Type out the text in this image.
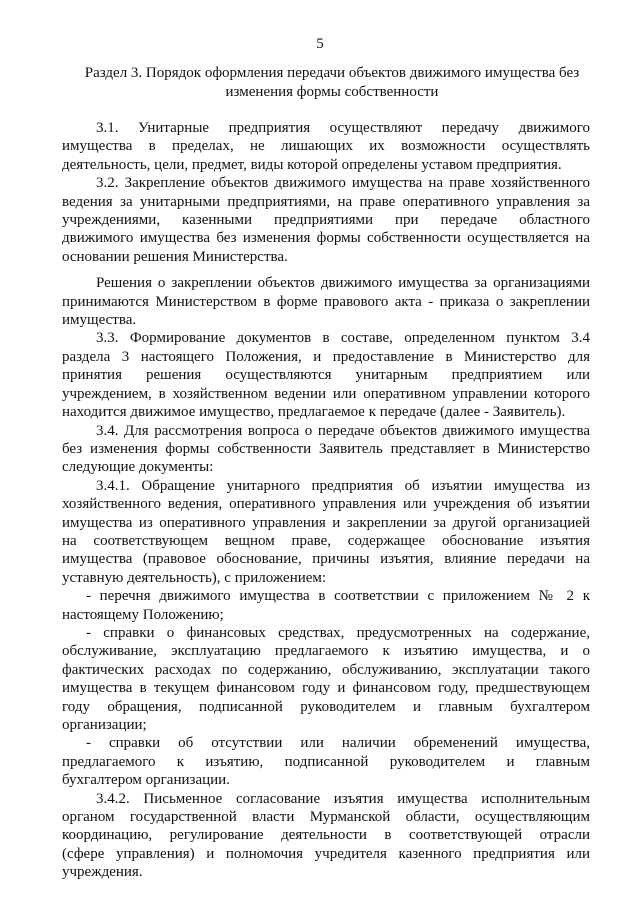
5
Раздел 3. Порядок оформления передачи объектов движимого имущества без
изменения формы собственности
3.1. Унитарные предприятия осуществляют передачу движимого
имущества в пределах, не лишающих их возможности осуществлять
деятельность, цели, предмет, виды которой определены уставом предприятия.
3.2. Закрепление объектов движимого имущества на праве хозяйственного
ведения за унитарными предприятиями, на праве оперативного управления за
учреждениями, казенными предприятиями при передаче областного
движимого имущества без изменения формы собственности осуществляется на
основании решения Министерства.
Решения о закреплении объектов движимого имущества за организациями
принимаются Министерством в форме правового акта - приказа о закреплении
имущества.
3.3. Формирование документов в составе, определенном пунктом 3.4
раздела 3 настоящего Положения, и предоставление в Министерство для
принятия решения осуществляются унитарным предприятием или
учреждением, в хозяйственном ведении или оперативном управлении которого
находится движимое имущество, предлагаемое к передаче (далее - Заявитель).
3.4. Для рассмотрения вопроса о передаче объектов движимого имущества
без изменения формы собственности Заявитель представляет в Министерство
следующие документы:
3.4.1. Обращение унитарного предприятия об изъятии имущества из
хозяйственного ведения, оперативного управления или учреждения об изъятии
имущества из оперативного управления и закреплении за другой организацией
на соответствующем вещном праве, содержащее обоснование изъятия
имущества (правовое обоснование, причины изъятия, влияние передачи на
уставную деятельность), с приложением:
- перечня движимого имущества в соответствии с приложением № 2 к
настоящему Положению;
- справки о финансовых средствах, предусмотренных на содержание,
обслуживание, эксплуатацию предлагаемого к изъятию имущества, и о
фактических расходах по содержанию, обслуживанию, эксплуатации такого
имущества в текущем финансовом году и финансовом году, предшествующем
году обращения, подписанной руководителем и главным бухгалтером
организации;
- справки об отсутствии или наличии обременений имущества,
предлагаемого к изъятию, подписанной руководителем и главным
бухгалтером организации.
3.4.2. Письменное согласование изъятия имущества исполнительным
органом государственной власти Мурманской области, осуществляющим
координацию, регулирование деятельности в соответствующей отрасли
(сфере управления) и полномочия учредителя казенного предприятия или
учреждения.
